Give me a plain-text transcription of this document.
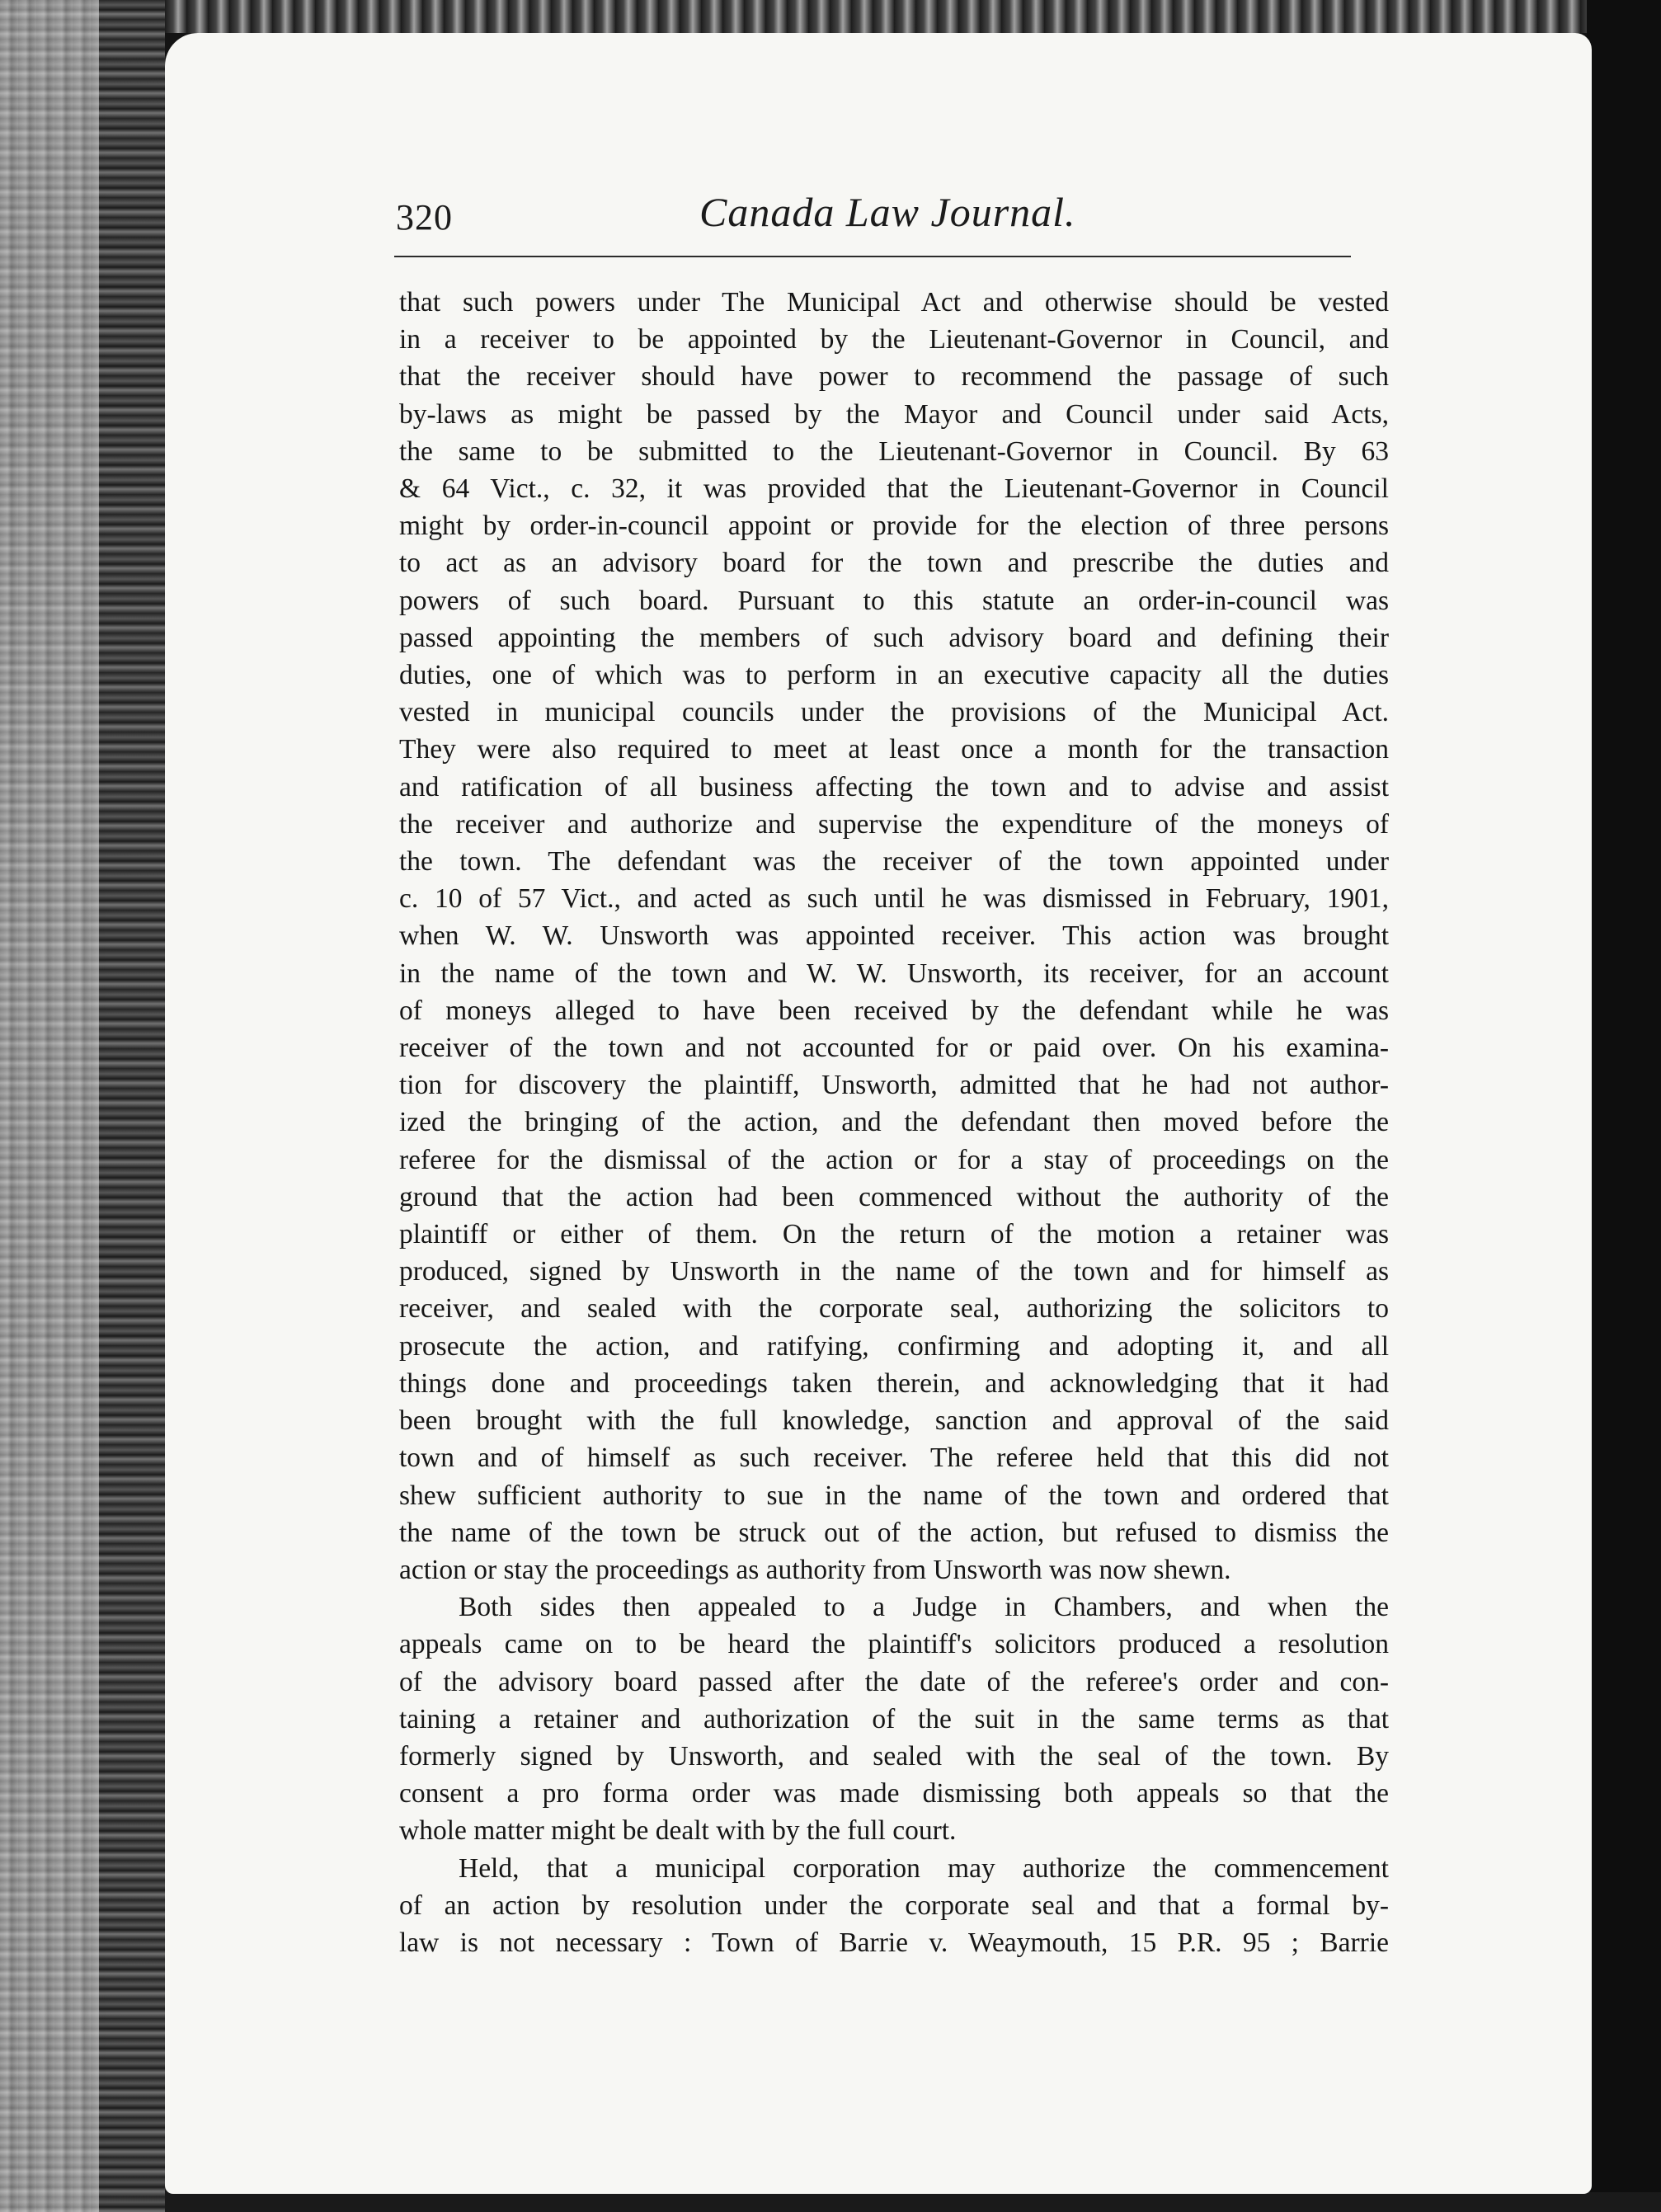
320	Canada Law Journal.
that such powers under The Municipal Act and otherwise should be vested
in a receiver to be appointed by the Lieutenant-Governor in Council, and
that the receiver should have power to recommend the passage of such
by-laws as might be passed by the Mayor and Council under said Acts,
the same to be submitted to the Lieutenant-Governor in Council. By 63
& 64 Vict., c. 32, it was provided that the Lieutenant-Governor in Council
might by order-in-council appoint or provide for the election of three persons
to act as an advisory board for the town and prescribe the duties and
powers of such board. Pursuant to this statute an order-in-council was
passed appointing the members of such advisory board and defining their
duties, one of which was to perform in an executive capacity all the duties
vested in municipal councils under the provisions of the Municipal Act.
They were also required to meet at least once a month for the transaction
and ratification of all business affecting the town and to advise and assist
the receiver and authorize and supervise the expenditure of the moneys of
the town. The defendant was the receiver of the town appointed under
c. 10 of 57 Vict., and acted as such until he was dismissed in February, 1901,
when W. W. Unsworth was appointed receiver. This action was brought
in the name of the town and W. W. Unsworth, its receiver, for an account
of moneys alleged to have been received by the defendant while he was
receiver of the town and not accounted for or paid over. On his examina-
tion for discovery the plaintiff, Unsworth, admitted that he had not author-
ized the bringing of the action, and the defendant then moved before the
referee for the dismissal of the action or for a stay of proceedings on the
ground that the action had been commenced without the authority of the
plaintiff or either of them. On the return of the motion a retainer was
produced, signed by Unsworth in the name of the town and for himself as
receiver, and sealed with the corporate seal, authorizing the solicitors to
prosecute the action, and ratifying, confirming and adopting it, and all
things done and proceedings taken therein, and acknowledging that it had
been brought with the full knowledge, sanction and approval of the said
town and of himself as such receiver. The referee held that this did not
shew sufficient authority to sue in the name of the town and ordered that
the name of the town be struck out of the action, but refused to dismiss the
action or stay the proceedings as authority from Unsworth was now shewn.
Both sides then appealed to a Judge in Chambers, and when the
appeals came on to be heard the plaintiff's solicitors produced a resolution
of the advisory board passed after the date of the referee's order and con-
taining a retainer and authorization of the suit in the same terms as that
formerly signed by Unsworth, and sealed with the seal of the town. By
consent a pro forma order was made dismissing both appeals so that the
whole matter might be dealt with by the full court.
Held, that a municipal corporation may authorize the commencement
of an action by resolution under the corporate seal and that a formal by-
law is not necessary : Town of Barrie v. Weaymouth, 15 P.R. 95 ; Barrie
